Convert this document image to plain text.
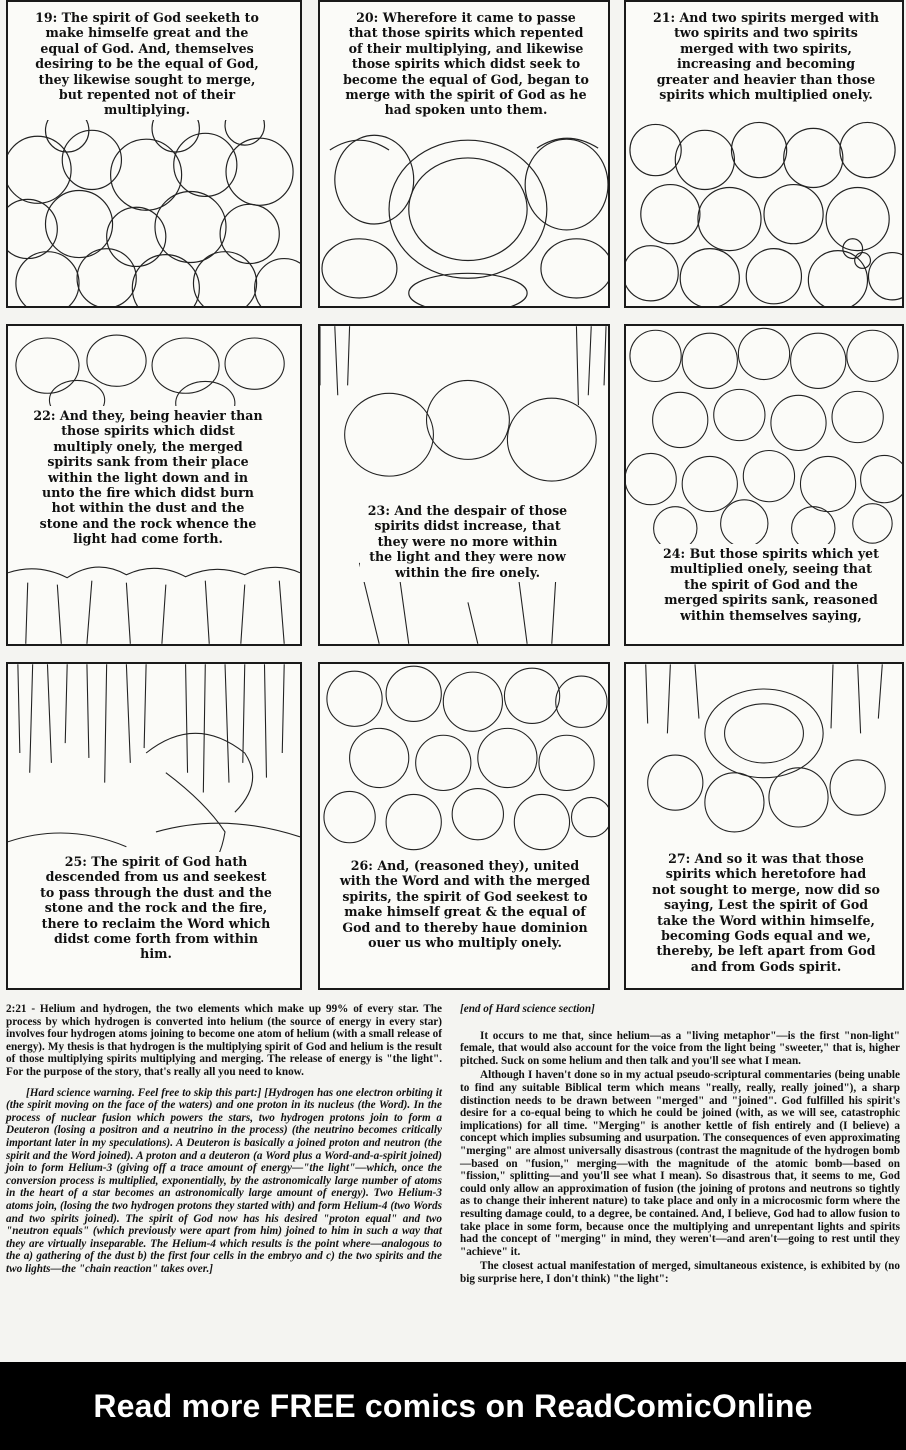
19: The spirit of God seeketh to make himselfe great and the equal of God. And, themselves desiring to be the equal of God, they likewise sought to merge, but repented not of their multiplying.
20: Wherefore it came to passe that those spirits which repented of their multiplying, and likewise those spirits which didst seek to become the equal of God, began to merge with the spirit of God as he had spoken unto them.
21: And two spirits merged with two spirits and two spirits merged with two spirits, increasing and becoming greater and heavier than those spirits which multiplied onely.
22: And they, being heavier than those spirits which didst multiply onely, the merged spirits sank from their place within the light down and in unto the fire which didst burn hot within the dust and the stone and the rock whence the light had come forth.
23: And the despair of those spirits didst increase, that they were no more within the light and they were now within the fire onely.
24: But those spirits which yet multiplied onely, seeing that the spirit of God and the merged spirits sank, reasoned within themselves saying,
25: The spirit of God hath descended from us and seekest to pass through the dust and the stone and the rock and the fire, there to reclaim the Word which didst come forth from within him.
26: And, (reasoned they), united with the Word and with the merged spirits, the spirit of God seekest to make himself great & the equal of God and to thereby haue dominion ouer us who multiply onely.
27: And so it was that those spirits which heretofore had not sought to merge, now did so saying, Lest the spirit of God take the Word within himselfe, becoming Gods equal and we, thereby, be left apart from God and from Gods spirit.

2:21 - Helium and hydrogen, the two elements which make up 99% of every star. The process by which hydrogen is converted into helium (the source of energy in every star) involves four hydrogen atoms joining to become one atom of helium (with a small release of energy). My thesis is that hydrogen is the multiplying spirit of God and helium is the result of those multiplying spirits multiplying and merging. The release of energy is "the light". For the purpose of the story, that's really all you need to know.

[Hard science warning. Feel free to skip this part:] [Hydrogen has one electron orbiting it (the spirit moving on the face of the waters) and one proton in its nucleus (the Word). In the process of nuclear fusion which powers the stars, two hydrogen protons join to form a Deuteron (losing a positron and a neutrino in the process) (the neutrino becomes critically important later in my speculations). A Deuteron is basically a joined proton and neutron (the spirit and the Word joined). A proton and a deuteron (a Word plus a Word-and-a-spirit joined) join to form Helium-3 (giving off a trace amount of energy—"the light"—which, once the conversion process is multiplied, exponentially, by the astronomically large number of atoms in the heart of a star becomes an astronomically large amount of energy). Two Helium-3 atoms join, (losing the two hydrogen protons they started with) and form Helium-4 (two Words and two spirits joined). The spirit of God now has his desired "proton equal" and two "neutron equals" (which previously were apart from him) joined to him in such a way that they are virtually inseparable. The Helium-4 which results is the point where—analogous to the a) gathering of the dust b) the first four cells in the embryo and c) the two spirits and the two lights—the "chain reaction" takes over.]

[end of Hard science section]

It occurs to me that, since helium—as a "living metaphor"—is the first "non-light" female, that would also account for the voice from the light being "sweeter," that is, higher pitched. Suck on some helium and then talk and you'll see what I mean.

Although I haven't done so in my actual pseudo-scriptural commentaries (being unable to find any suitable Biblical term which means "really, really, really joined"), a sharp distinction needs to be drawn between "merged" and "joined". God fulfilled his spirit's desire for a co-equal being to which he could be joined (with, as we will see, catastrophic implications) for all time. "Merging" is another kettle of fish entirely and (I believe) a concept which implies subsuming and usurpation. The consequences of even approximating "merging" are almost universally disastrous (contrast the magnitude of the hydrogen bomb—based on "fusion," merging—with the magnitude of the atomic bomb—based on "fission," splitting—and you'll see what I mean). So disastrous that, it seems to me, God could only allow an approximation of fusion (the joining of protons and neutrons so tightly as to change their inherent nature) to take place and only in a microcosmic form where the resulting damage could, to a degree, be contained. And, I believe, God had to allow fusion to take place in some form, because once the multiplying and unrepentant lights and spirits had the concept of "merging" in mind, they weren't—and aren't—going to rest until they "achieve" it.

The closest actual manifestation of merged, simultaneous existence, is exhibited by (no big surprise here, I don't think) "the light":

Read more FREE comics on ReadComicOnline
